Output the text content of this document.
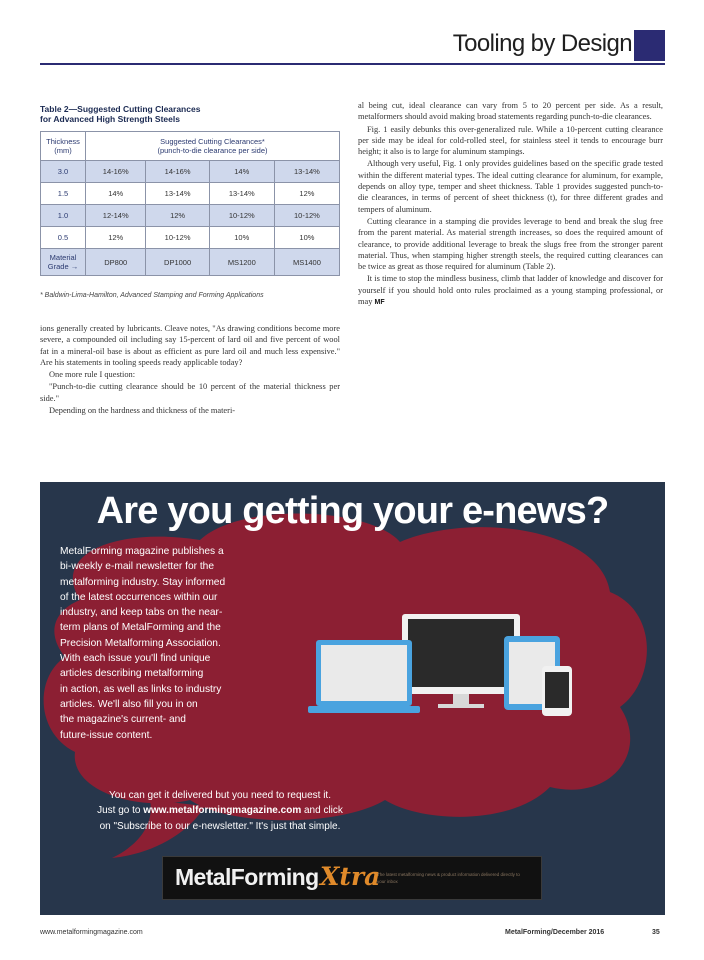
Tooling by Design
Table 2—Suggested Cutting Clearances
for Advanced High Strength Steels
Thickness (mm)	Suggested Cutting Clearances*
(punch-to-die clearance per side)			

3.0	14-16%	14-16%	14%	13-14%
1.5	14%	13-14%	13-14%	12%
1.0	12-14%	12%	10-12%	10-12%
0.5	12%	10-12%	10%	10%
Material Grade →	DP800	DP1000	MS1200	MS1400
* Baldwin-Lima-Hamilton, Advanced Stamping and Forming Applications

ions generally created by lubricants. Cleave notes, "As drawing conditions become more severe, a compounded oil including say 15-percent of lard oil and five percent of wool fat in a mineral-oil base is about as efficient as pure lard oil and much less expensive." Are his statements in tooling speeds ready applicable today?

One more rule I question:

"Punch-to-die cutting clearance should be 10 percent of the material thickness per side."

Depending on the hardness and thickness of the materi-

al being cut, ideal clearance can vary from 5 to 20 percent per side. As a result, metalformers should avoid making broad statements regarding punch-to-die clearances.

Fig. 1 easily debunks this over-generalized rule. While a 10-percent cutting clearance per side may be ideal for cold-rolled steel, for stainless steel it tends to encourage burr height; it also is to large for aluminum stampings.

Although very useful, Fig. 1 only provides guidelines based on the specific grade tested within the different material types. The ideal cutting clearance for aluminum, for example, depends on alloy type, temper and sheet thickness. Table 1 provides suggested punch-to-die clearances, in terms of percent of sheet thickness (t), for three different grades and tempers of aluminum.

Cutting clearance in a stamping die provides leverage to bend and break the slug free from the parent material. As material strength increases, so does the required amount of clearance, to provide additional leverage to break the slugs free from the stronger parent material. Thus, when stamping higher strength steels, the required cutting clearances can be twice as great as those required for aluminum (Table 2).

It is time to stop the mindless business, climb that ladder of knowledge and discover for yourself if you should hold onto rules proclaimed as a young stamping professional, or may MF

Are you getting your e-news?
MetalForming magazine publishes a
bi-weekly e-mail newsletter for the
metalforming industry. Stay informed
of the latest occurrences within our
industry, and keep tabs on the near-
term plans of MetalForming and the
Precision Metalforming Association.
With each issue you'll find unique
articles describing metalforming
in action, as well as links to industry
articles. We'll also fill you in on
the magazine's current- and
future-issue content.
You can get it delivered but you need to request it.
Just go to www.metalformingmagazine.com and click
on "Subscribe to our e-newsletter." It's just that simple.
MetalForming Xtra
The latest metalforming news & product information delivered directly to your inbox
www.metalformingmagazine.com	MetalForming/December 2016	35
